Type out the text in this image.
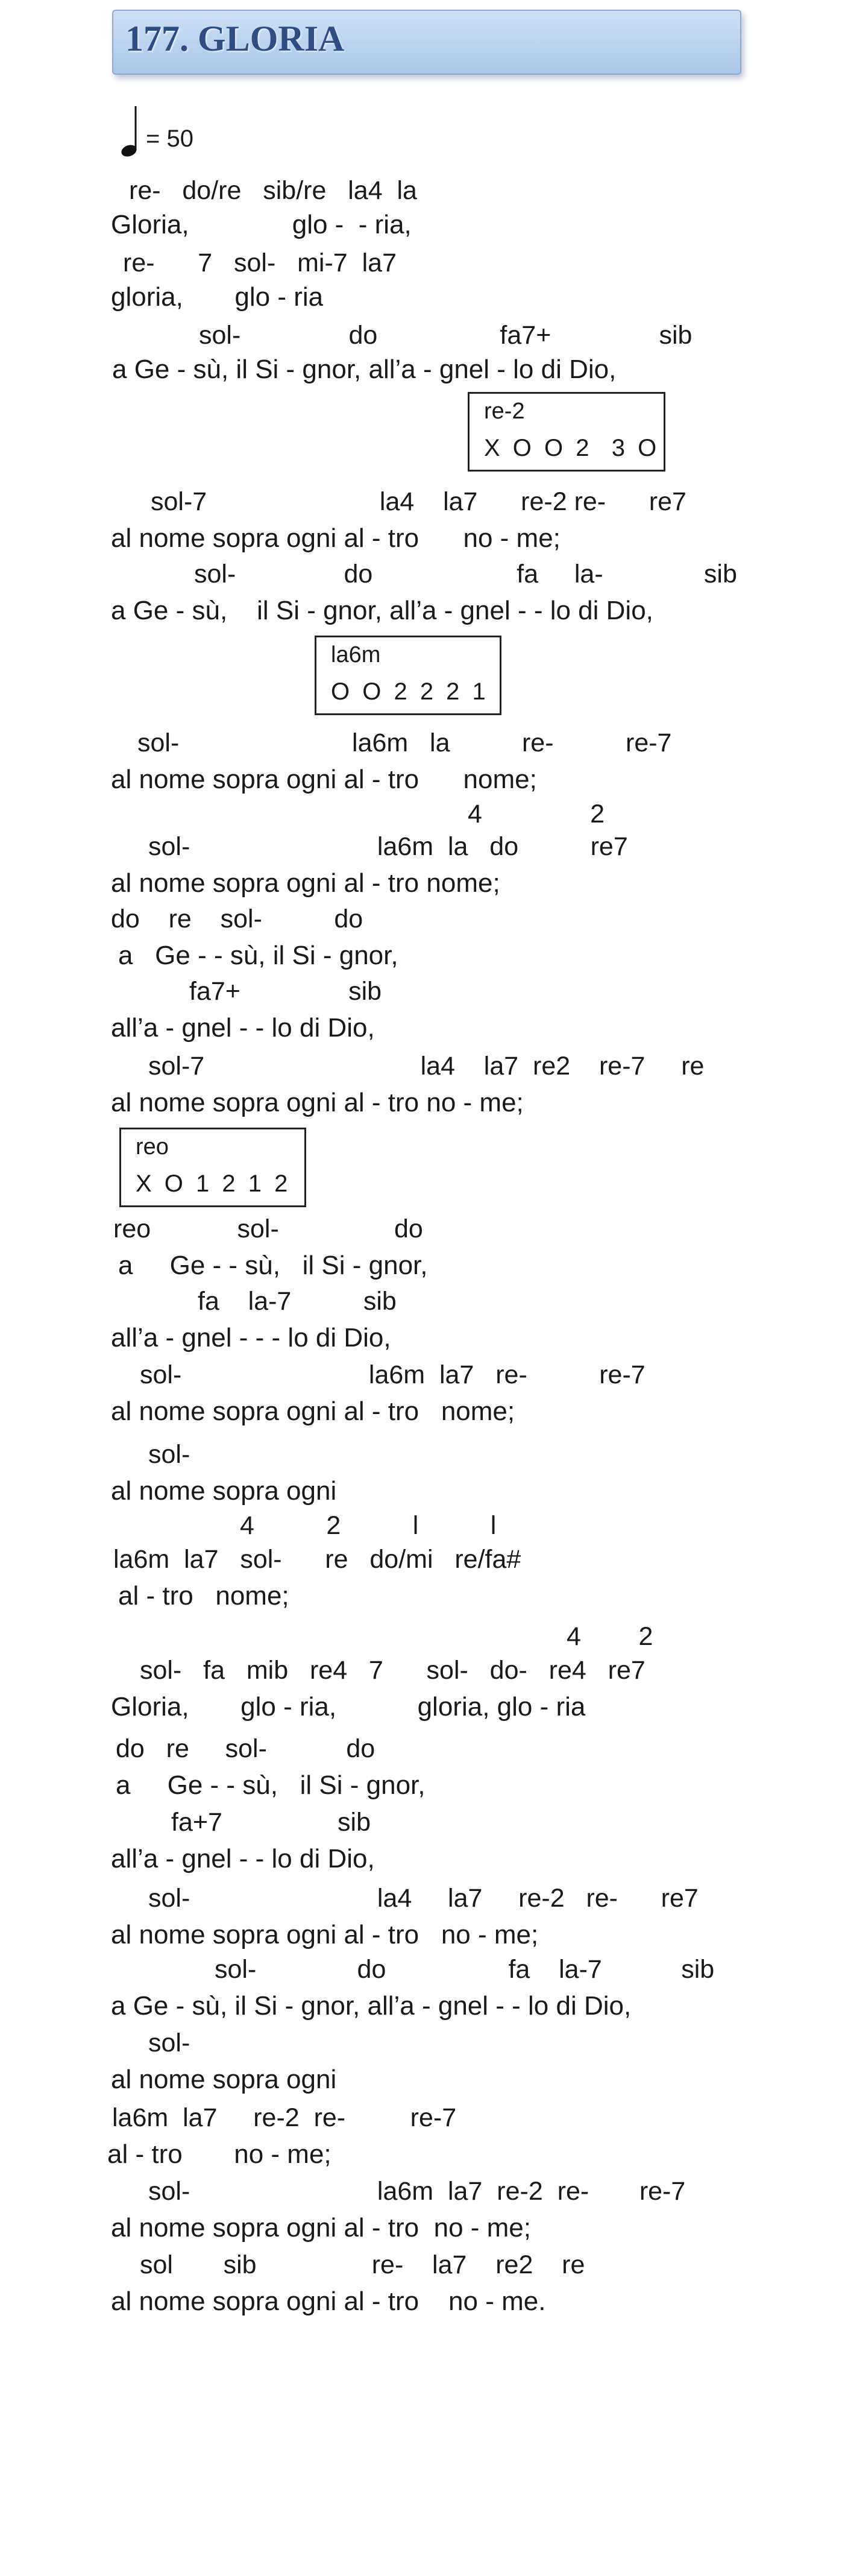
177. GLORIA
= 50
re-   do/re   sib/re   la4  la
Gloria,              glo -  - ria,
re-      7   sol-   mi-7  la7
gloria,       glo - ria
sol-               do                 fa7+               sib
a Ge - sù, il Si - gnor, all’a - gnel - lo di Dio,
re-2
X O O 2  3 O
sol-7                        la4    la7      re-2 re-      re7
al nome sopra ogni al - tro      no - me;
sol-               do                    fa     la-              sib
a Ge - sù,    il Si - gnor, all’a - gnel - - lo di Dio,
la6m
O O 2 2 2 1
sol-                        la6m   la          re-          re-7
al nome sopra ogni al - tro      nome;
4               2
sol-                          la6m  la   do          re7
al nome sopra ogni al - tro nome;
do    re    sol-          do
a   Ge - - sù, il Si - gnor,
fa7+               sib
all’a - gnel - - lo di Dio,
sol-7                              la4    la7  re2    re-7     re
al nome sopra ogni al - tro no - me;
reo
X O 1 2 1 2
reo            sol-                do
a     Ge - - sù,   il Si - gnor,
fa    la-7          sib
all’a - gnel - - - lo di Dio,
sol-                          la6m  la7   re-          re-7
al nome sopra ogni al - tro   nome;
sol-
al nome sopra ogni
4          2          l          l
la6m  la7   sol-      re   do/mi   re/fa#
al - tro   nome;
4        2
sol-   fa   mib   re4   7      sol-   do-   re4   re7
Gloria,       glo - ria,           gloria, glo - ria
do   re     sol-           do
a     Ge - - sù,   il Si - gnor,
fa+7                sib
all’a - gnel - - lo di Dio,
sol-                          la4     la7     re-2   re-      re7
al nome sopra ogni al - tro   no - me;
sol-              do                 fa    la-7           sib
a Ge - sù, il Si - gnor, all’a - gnel - - lo di Dio,
sol-
al nome sopra ogni
la6m  la7     re-2  re-         re-7
al - tro       no - me;
sol-                          la6m  la7  re-2  re-       re-7
al nome sopra ogni al - tro  no - me;
sol       sib                re-    la7    re2    re
al nome sopra ogni al - tro    no - me.
